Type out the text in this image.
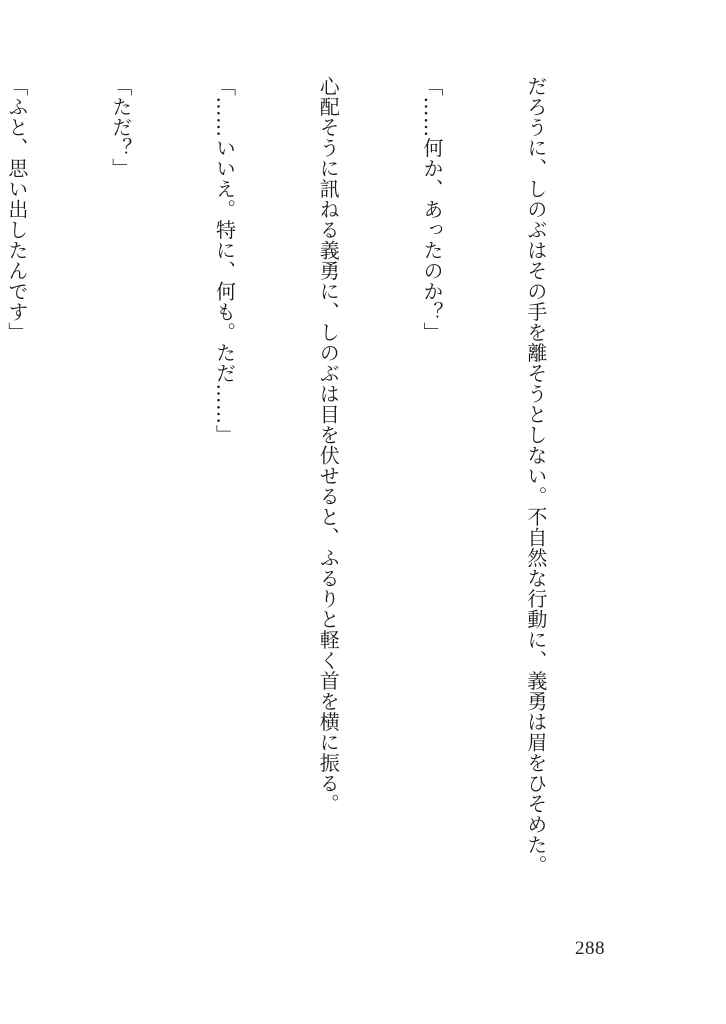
だろうに、しのぶはその手を離そうとしない。不自然な行動に、義勇は眉をひそめた。

「……何か、あったのか？」

心配そうに訊ねる義勇に、しのぶは目を伏せると、ふるりと軽く首を横に振る。

「……いいえ。特に、何も。ただ……」

「ただ？」

「ふと、思い出したんです」

288
